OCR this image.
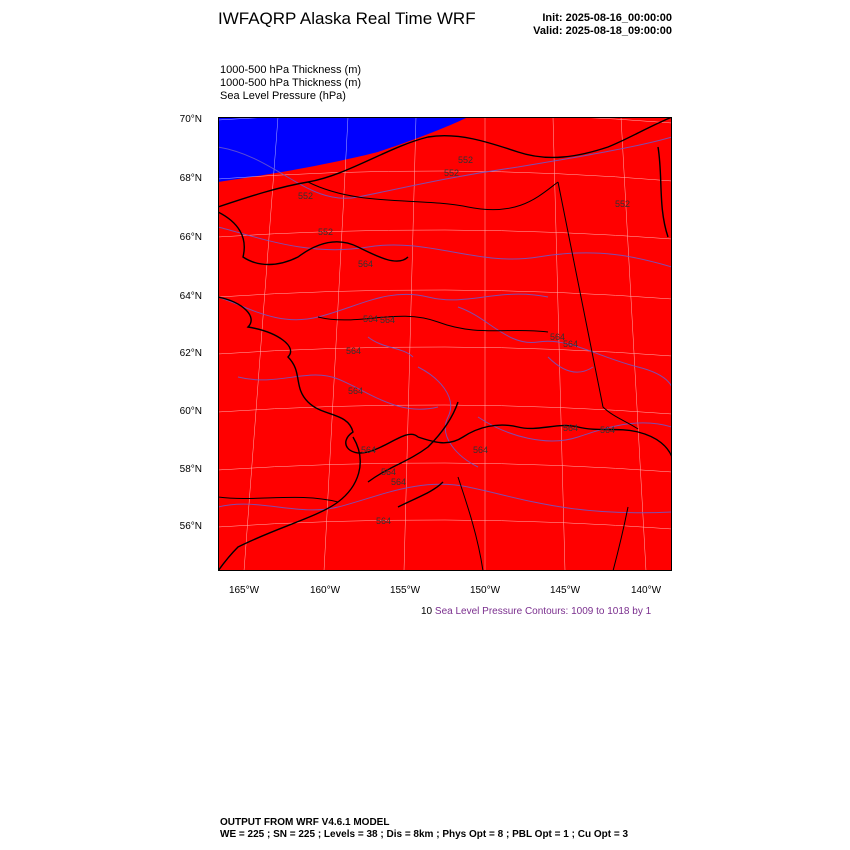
IWFAQRP Alaska Real Time WRF	Init: 2025-08-16_00:00:00
Valid: 2025-08-18_09:00:00
1000-500 hPa Thickness (m)
1000-500 hPa Thickness (m)
Sea Level Pressure (hPa)
552
552
552
552
552
564
564 564
564
564
564
564
564
564
564
564
564
564 564
70°N
68°N
66°N
64°N
62°N
60°N
58°N
56°N
165°W	160°W	155°W	150°W	145°W	140°W
10 Sea Level Pressure Contours: 1009 to 1018 by 1
OUTPUT FROM WRF V4.6.1 MODEL
WE = 225 ; SN = 225 ; Levels = 38 ; Dis = 8km ; Phys Opt = 8 ; PBL Opt = 1 ; Cu Opt = 3
